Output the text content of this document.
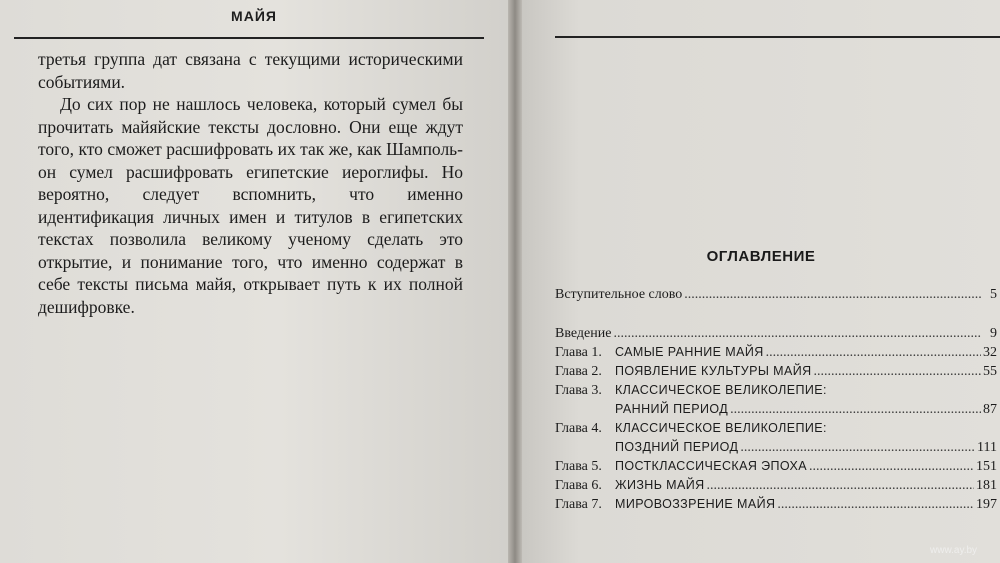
МАЙЯ

третья группа дат связана с текущими историческими событиями.

До сих пор не нашлось человека, который сумел бы прочитать майяйские тексты дословно. Они еще ждут того, кто сможет расшифровать их так же, как Шампольон сумел расшифровать египетские иероглифы. Но вероятно, следует вспомнить, что именно идентификация личных имен и титулов в египетских текстах позволила великому ученому сделать это открытие, и понимание того, что именно содержат в себе тексты письма майя, открывает путь к их полной дешифровке.

ОГЛАВЛЕНИЕ
Вступительное слово .....	5
Введение .....	9
Глава 1.	САМЫЕ РАННИЕ МАЙЯ .....	32
Глава 2.	ПОЯВЛЕНИЕ КУЛЬТУРЫ МАЙЯ .....	55
Глава 3.	КЛАССИЧЕСКОЕ ВЕЛИКОЛЕПИЕ:
РАННИЙ ПЕРИОД .....	87
Глава 4.	КЛАССИЧЕСКОЕ ВЕЛИКОЛЕПИЕ:
ПОЗДНИЙ ПЕРИОД .....	111
Глава 5.	ПОСТКЛАССИЧЕСКАЯ ЭПОХА .....	151
Глава 6.	ЖИЗНЬ МАЙЯ .....	181
Глава 7.	МИРОВОЗЗРЕНИЕ МАЙЯ .....	197
www.ay.by
